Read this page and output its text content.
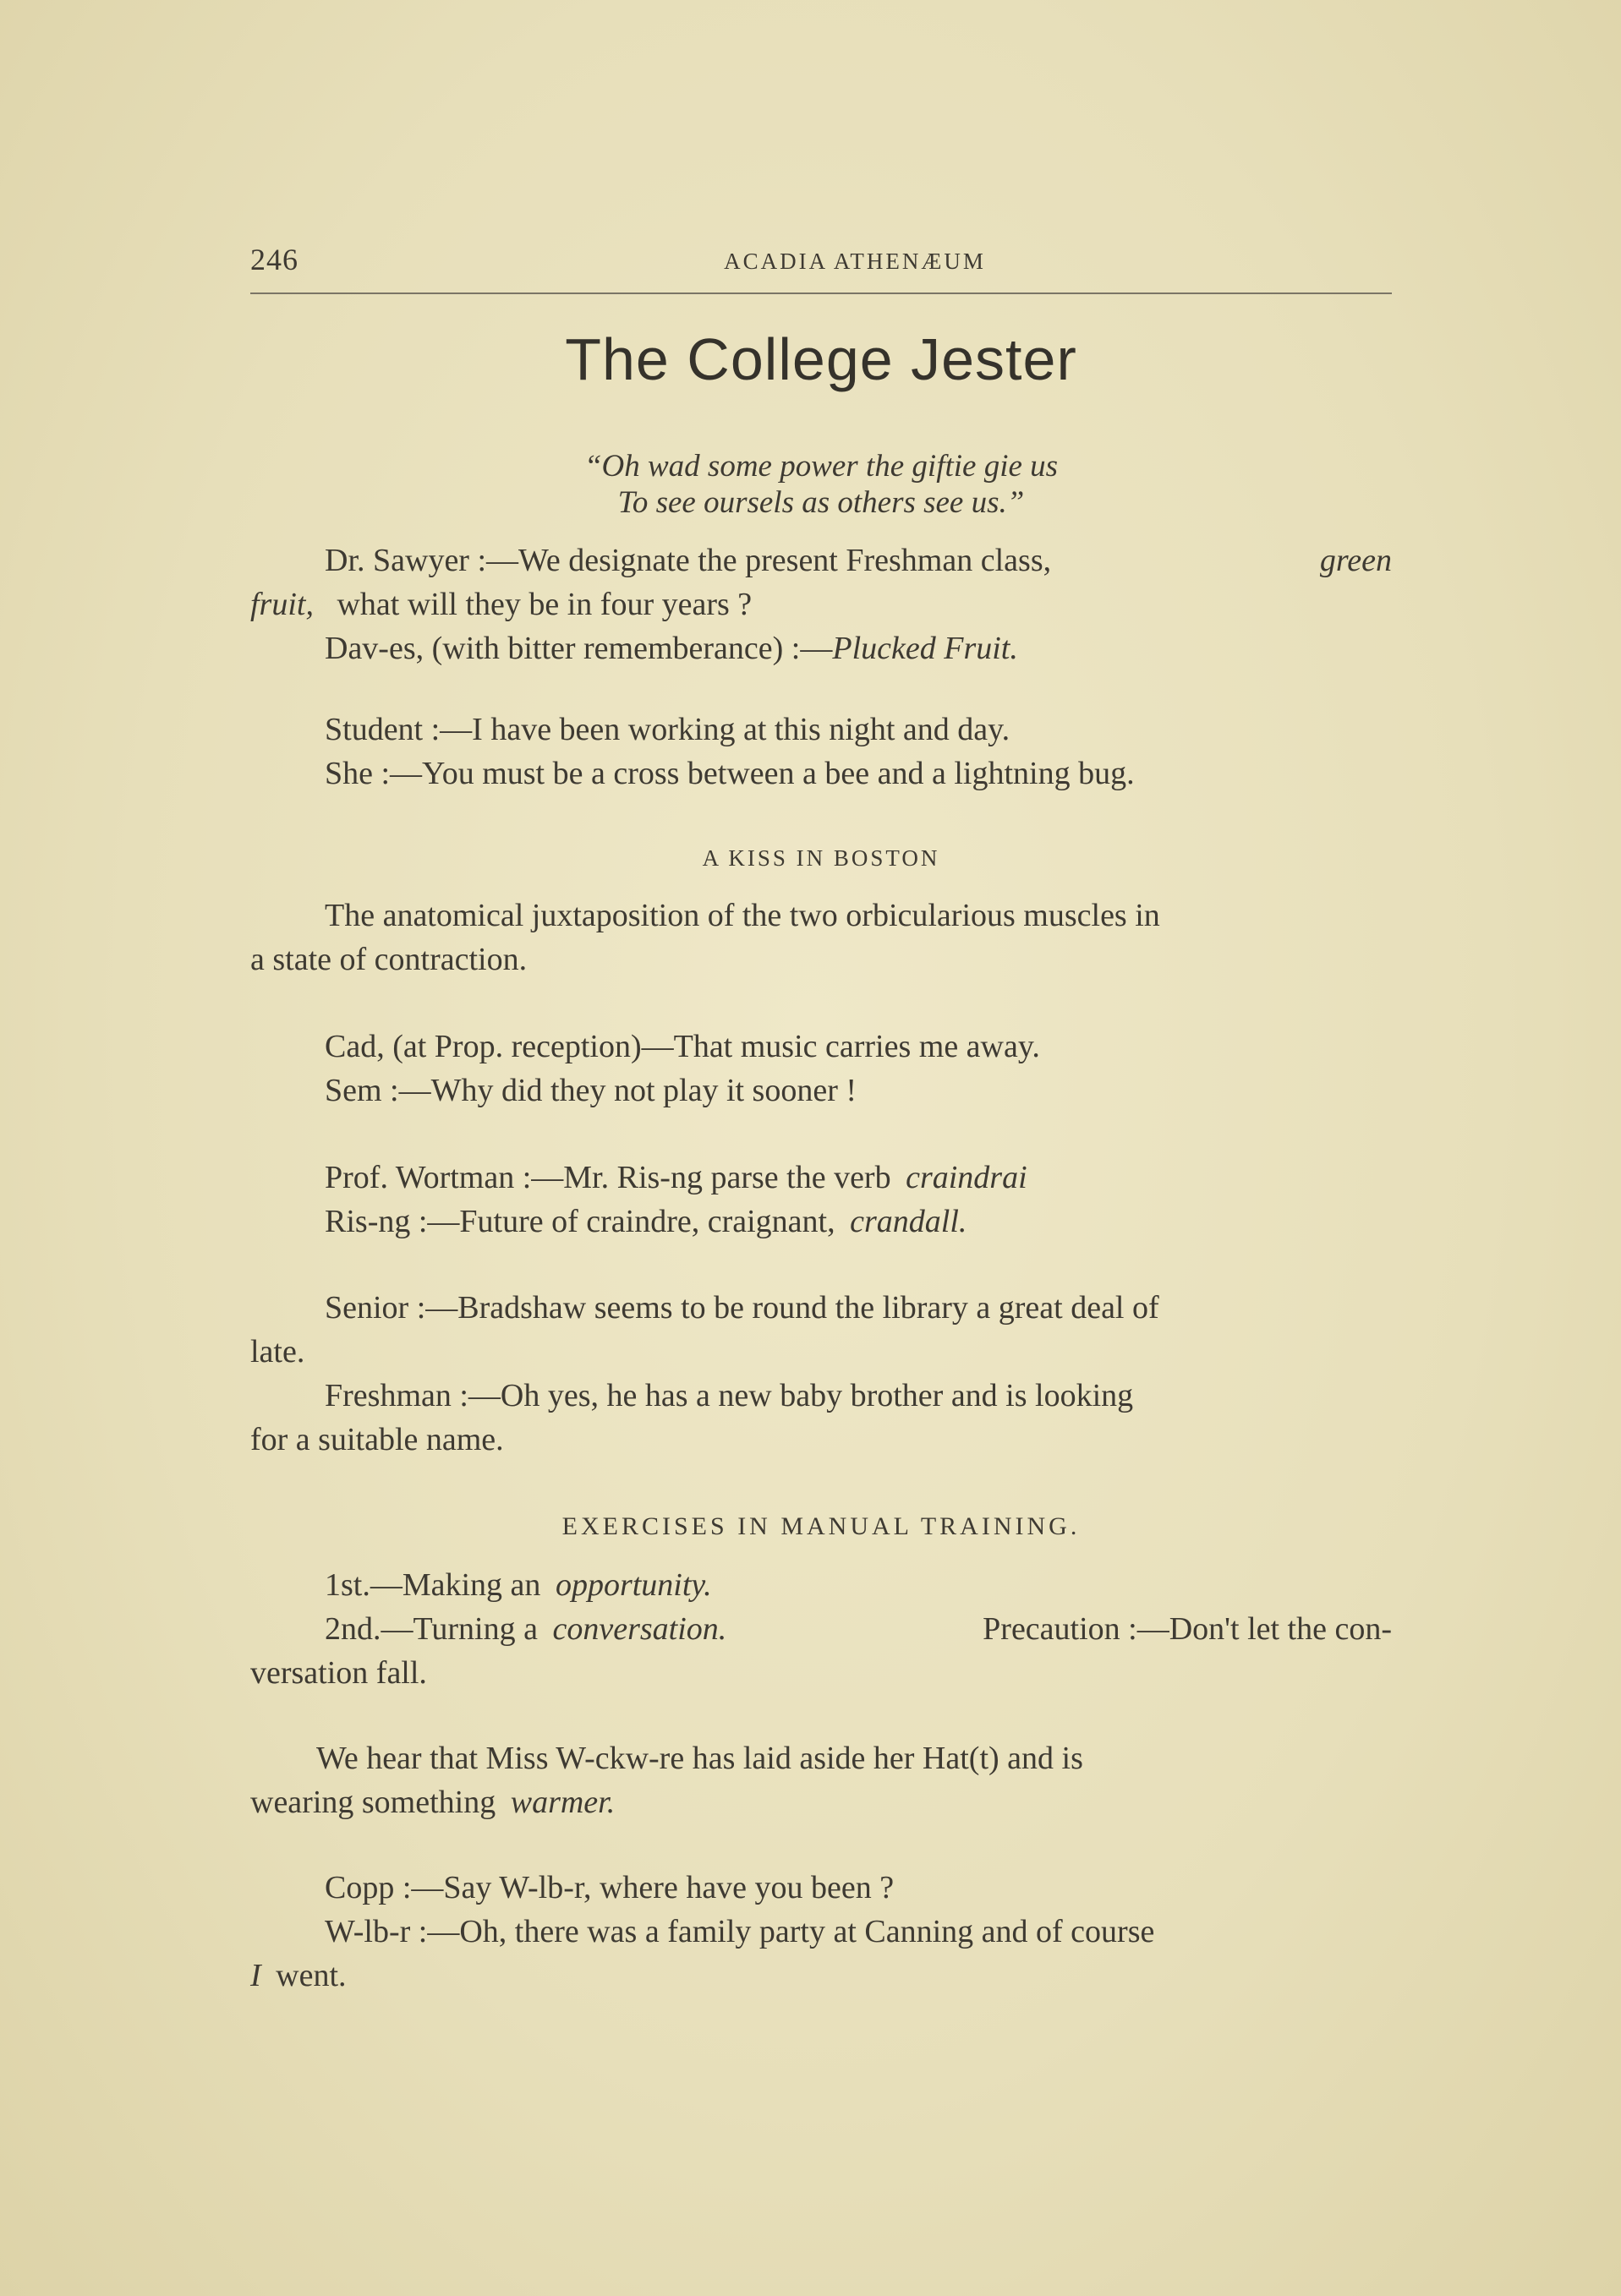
246	ACADIA ATHENÆUM
The College Jester
“Oh wad some power the giftie gie us
To see oursels as others see us.”
Dr. Sawyer :—We designate the present Freshman class,	green
fruit, what will they be in four years ?
Dav-es, (with bitter rememberance) :—Plucked Fruit.
Student :—I have been working at this night and day.
She :—You must be a cross between a bee and a lightning bug.
A KISS IN BOSTON
The anatomical juxtaposition of the two orbicularious muscles in
a state of contraction.
Cad, (at Prop. reception)—That music carries me away.
Sem :—Why did they not play it sooner !
Prof. Wortman :—Mr. Ris-ng parse the verb craindrai
Ris-ng :—Future of craindre, craignant, crandall.
Senior :—Bradshaw seems to be round the library a great deal of
late.
Freshman :—Oh yes, he has a new baby brother and is looking
for a suitable name.
EXERCISES IN MANUAL TRAINING.
1st.—Making an opportunity.
2nd.—Turning a conversation.	Precaution :—Don't let the con-
versation fall.
We hear that Miss W-ckw-re has laid aside her Hat(t) and is
wearing something warmer.
Copp :—Say W-lb-r, where have you been ?
W-lb-r :—Oh, there was a family party at Canning and of course
I went.
